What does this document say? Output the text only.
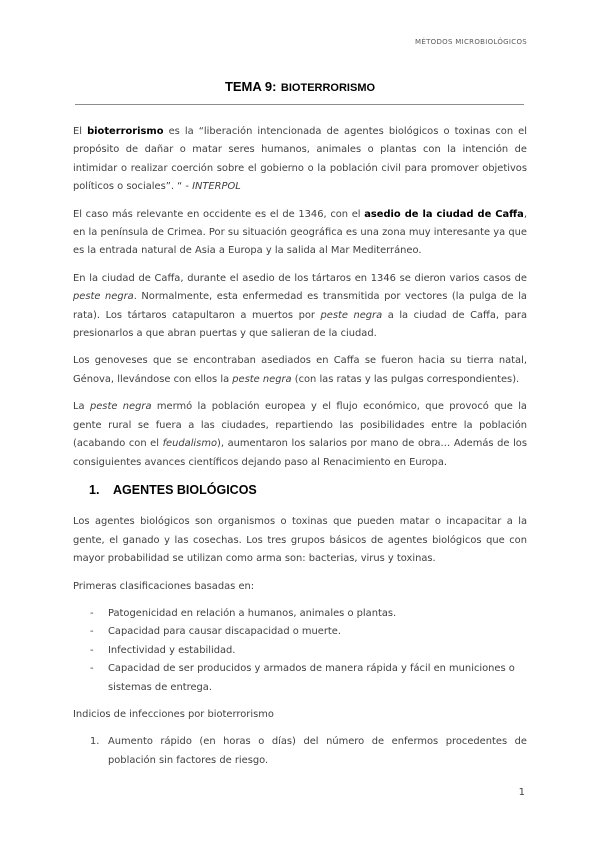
MÉTODOS MICROBIOLÓGICOS
TEMA 9: BIOTERRORISMO

El bioterrorismo es la “liberación intencionada de agentes biológicos o toxinas con el propósito de dañar o matar seres humanos, animales o plantas con la intención de intimidar o realizar coerción sobre el gobierno o la población civil para promover objetivos políticos o sociales”. “ - INTERPOL

El caso más relevante en occidente es el de 1346, con el asedio de la ciudad de Caffa, en la península de Crimea. Por su situación geográfica es una zona muy interesante ya que es la entrada natural de Asia a Europa y la salida al Mar Mediterráneo.

En la ciudad de Caffa, durante el asedio de los tártaros en 1346 se dieron varios casos de peste negra. Normalmente, esta enfermedad es transmitida por vectores (la pulga de la rata). Los tártaros catapultaron a muertos por peste negra a la ciudad de Caffa, para presionarlos a que abran puertas y que salieran de la ciudad.

Los genoveses que se encontraban asediados en Caffa se fueron hacia su tierra natal, Génova, llevándose con ellos la peste negra (con las ratas y las pulgas correspondientes).

La peste negra mermó la población europea y el flujo económico, que provocó que la gente rural se fuera a las ciudades, repartiendo las posibilidades entre la población (acabando con el feudalismo), aumentaron los salarios por mano de obra… Además de los consiguientes avances científicos dejando paso al Renacimiento en Europa.

1. AGENTES BIOLÓGICOS

Los agentes biológicos son organismos o toxinas que pueden matar o incapacitar a la gente, el ganado y las cosechas. Los tres grupos básicos de agentes biológicos que con mayor probabilidad se utilizan como arma son: bacterias, virus y toxinas.

Primeras clasificaciones basadas en:

- Patogenicidad en relación a humanos, animales o plantas.
- Capacidad para causar discapacidad o muerte.
- Infectividad y estabilidad.
- Capacidad de ser producidos y armados de manera rápida y fácil en municiones o sistemas de entrega.

Indicios de infecciones por bioterrorismo

1. Aumento rápido (en horas o días) del número de enfermos procedentes de población sin factores de riesgo.
1
